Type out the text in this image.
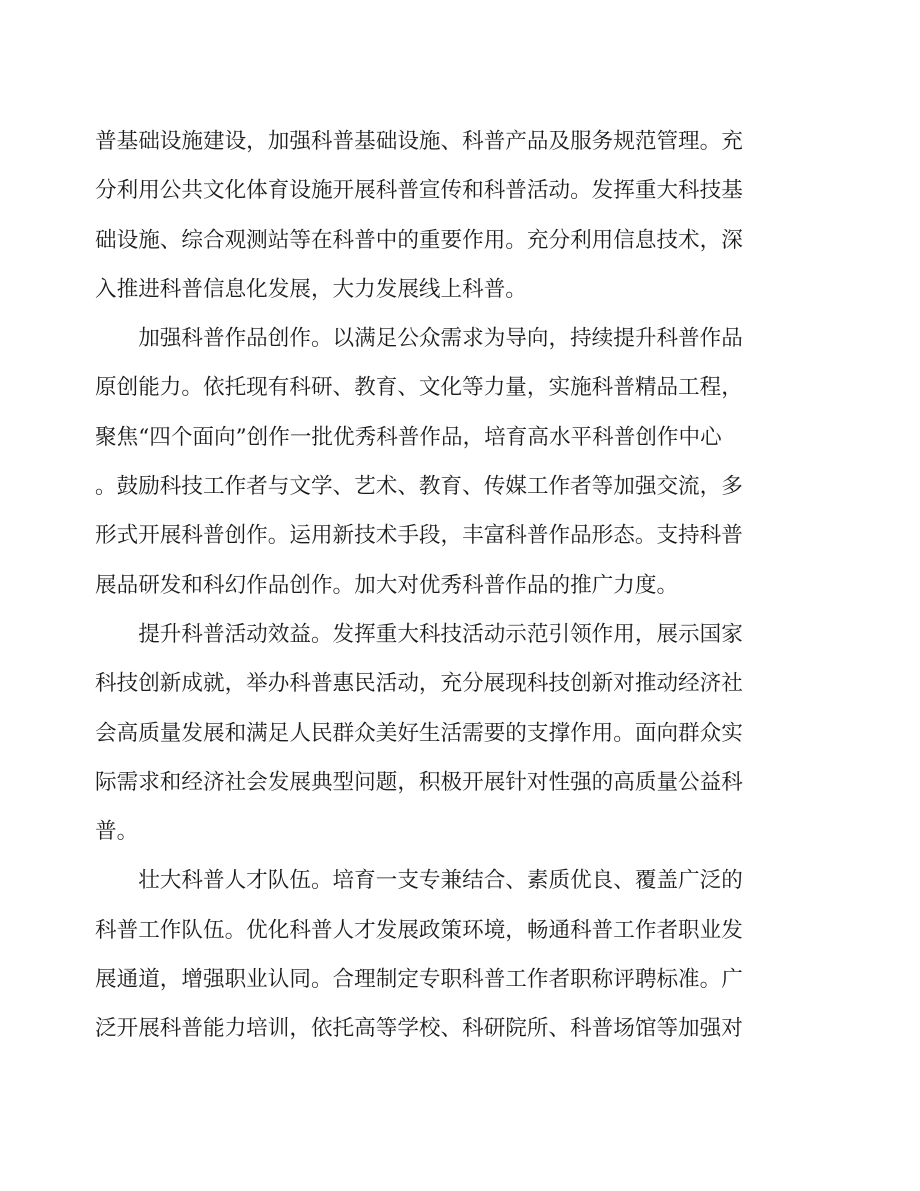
普基础设施建设，加强科普基础设施、科普产品及服务规范管理。充
分利用公共文化体育设施开展科普宣传和科普活动。发挥重大科技基
础设施、综合观测站等在科普中的重要作用。充分利用信息技术，深
入推进科普信息化发展，大力发展线上科普。
　　加强科普作品创作。以满足公众需求为导向，持续提升科普作品
原创能力。依托现有科研、教育、文化等力量，实施科普精品工程，
聚焦“四个面向”创作一批优秀科普作品，培育高水平科普创作中心
。鼓励科技工作者与文学、艺术、教育、传媒工作者等加强交流，多
形式开展科普创作。运用新技术手段，丰富科普作品形态。支持科普
展品研发和科幻作品创作。加大对优秀科普作品的推广力度。
　　提升科普活动效益。发挥重大科技活动示范引领作用，展示国家
科技创新成就，举办科普惠民活动，充分展现科技创新对推动经济社
会高质量发展和满足人民群众美好生活需要的支撑作用。面向群众实
际需求和经济社会发展典型问题，积极开展针对性强的高质量公益科
普。
　　壮大科普人才队伍。培育一支专兼结合、素质优良、覆盖广泛的
科普工作队伍。优化科普人才发展政策环境，畅通科普工作者职业发
展通道，增强职业认同。合理制定专职科普工作者职称评聘标准。广
泛开展科普能力培训，依托高等学校、科研院所、科普场馆等加强对
